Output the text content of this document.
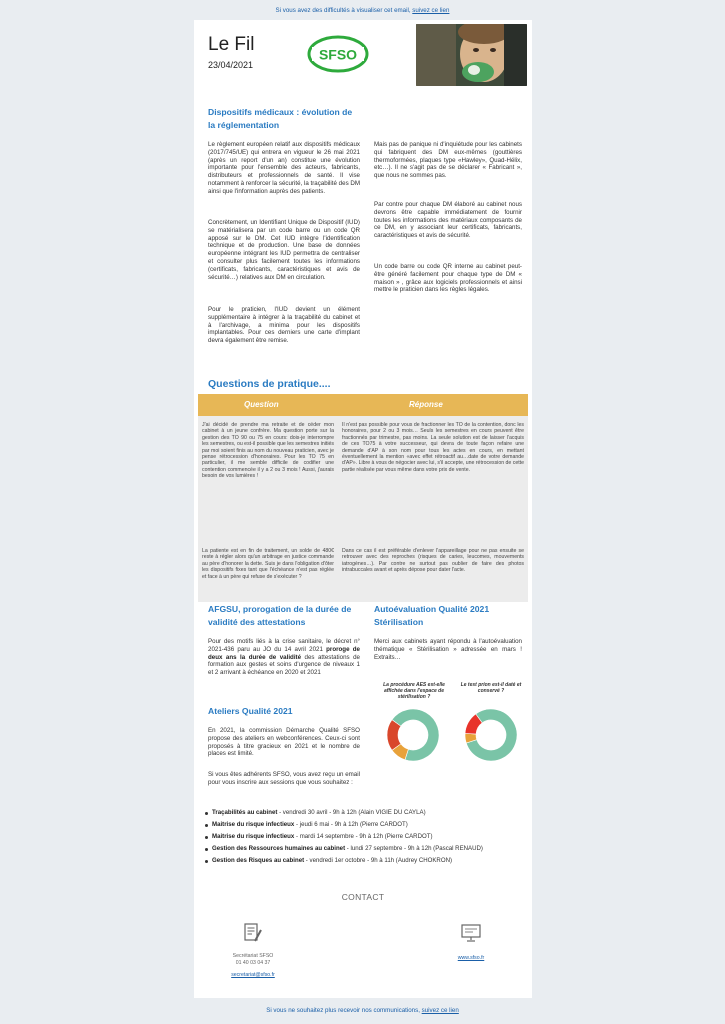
Si vous avez des difficultés à visualiser cet email, suivez ce lien
Le Fil
23/04/2021
SFSO
Dispositifs médicaux : évolution de
la réglementation
Le règlement européen relatif aux dispositifs médicaux (2017/745/UE) qui entrera en vigueur le 26 mai 2021 (après un report d'un an) constitue une évolution importante pour l'ensemble des acteurs, fabricants, distributeurs et professionnels de santé. Il vise notamment à renforcer la sécurité, la traçabilité des DM ainsi que l'information auprès des patients.
Concrètement, un Identifiant Unique de Dispositif (IUD) se matérialisera par un code barre ou un code QR apposé sur le DM. Cet IUD intègre l'identification technique et de production. Une base de données européenne intégrant les IUD permettra de centraliser et consulter plus facilement toutes les informations (certificats, fabricants, caractéristiques et avis de sécurité…) relatives aux DM en circulation.
Pour le praticien, l'IUD devient un élément supplémentaire à intégrer à la traçabilité du cabinet et à l'archivage, a minima pour les dispositifs implantables. Pour ces derniers une carte d'implant devra également être remise.
Mais pas de panique ni d'inquiétude pour les cabinets qui fabriquent des DM eux-mêmes (gouttières thermoformées, plaques type «Hawley», Quad-Hélix, etc…). Il ne s'agit pas de se déclarer « Fabricant », que nous ne sommes pas.
Par contre pour chaque DM élaboré au cabinet nous devrons être capable immédiatement de fournir toutes les informations des matériaux composants de ce DM, en y associant leur certificats, fabricants, caractéristiques et avis de sécurité.
Un code barre ou code QR interne au cabinet peut-être généré facilement pour chaque type de DM « maison » , grâce aux logiciels professionnels et ainsi mettre le praticien dans les règles légales.
Questions de pratique....
Question	Réponse
J'ai décidé de prendre ma retraite et de céder mon cabinet à un jeune confrère. Ma question porte sur la gestion des TO 90 ou 75 en cours: dois-je interrompre les semestres, ou est-il possible que les semestres initiés par moi soient finis au nom du nouveau praticien, avec je pense rétrocession d'honoraires. Pour les TO 75 en particulier, il me semble difficile de codifier une contention commencée il y a 2 ou 3 mois ! Aussi, j'aurais besoin de vos lumières !
Il n'est pas possible pour vous de fractionner les TO de la contention, donc les honoraires, pour 2 ou 3 mois… Seuls les semestres en cours peuvent être fractionnés par trimestre, pas moins. La seule solution est de laisser l'acquis de ces TO75 à votre successeur, qui devra de toute façon refaire une demande d'AP à son nom pour tous les actes en cours, en mettant éventuellement la mention «avec effet rétroactif au…date de votre demande d'AP». Libre à vous de négocier avec lui, s'il accepte, une rétrocession de cette partie réalisée par vous même dans votre prix de vente.
La patiente est en fin de traitement, un solde de 480€ reste à régler alors qu'un arbitrage en justice commande au père d'honorer la dette. Suis je dans l'obligation d'ôter les dispositifs fixes tant que l'échéance n'est pas réglée et face à un père qui refuse de s'exécuter ?
Dans ce cas il est préférable d'enlever l'appareillage pour ne pas ensuite se retrouver avec des reproches (risques de caries, leucomes, mouvements iatrogènes…). Par contre ne surtout pas oublier de faire des photos intrabuccales avant et après dépose pour dater l'acte.
AFGSU, prorogation de la durée de
validité des attestations
Pour des motifs liés à la crise sanitaire, le décret n° 2021-436 paru au JO du 14 avril 2021 proroge de deux ans la durée de validité des attestations de formation aux gestes et soins d'urgence de niveaux 1 et 2 arrivant à échéance en 2020 et 2021
Ateliers Qualité 2021
En 2021, la commission Démarche Qualité SFSO propose des ateliers en webconférences. Ceux-ci sont proposés à titre gracieux en 2021 et le nombre de places est limité.
Si vous êtes adhérents SFSO, vous avez reçu un email pour vous inscrire aux sessions que vous souhaitez :
Traçabilités au cabinet - vendredi 30 avril - 9h à 12h (Alain VIGIE DU CAYLA)
Maitrise du risque infectieux - jeudi 6 mai - 9h à 12h (Pierre CARDOT)
Maitrise du risque infectieux - mardi 14 septembre - 9h à 12h (Pierre CARDOT)
Gestion des Ressources humaines au cabinet - lundi 27 septembre - 9h à 12h (Pascal RENAUD)
Gestion des Risques au cabinet - vendredi 1er octobre - 9h à 11h (Audrey CHOKRON)
Autoévaluation Qualité 2021
Stérilisation
Merci aux cabinets ayant répondu à l'autoévaluation thématique « Stérilisation » adressée en mars ! Extraits…
La procédure AES est-elle affichée dans l'espace de stérilisation ?
Le test prion est-il daté et conservé ?
CONTACT
Secrétariat SFSO
01 40 03 04 37
secretariat@sfso.fr
www.sfso.fr
Si vous ne souhaitez plus recevoir nos communications, suivez ce lien
